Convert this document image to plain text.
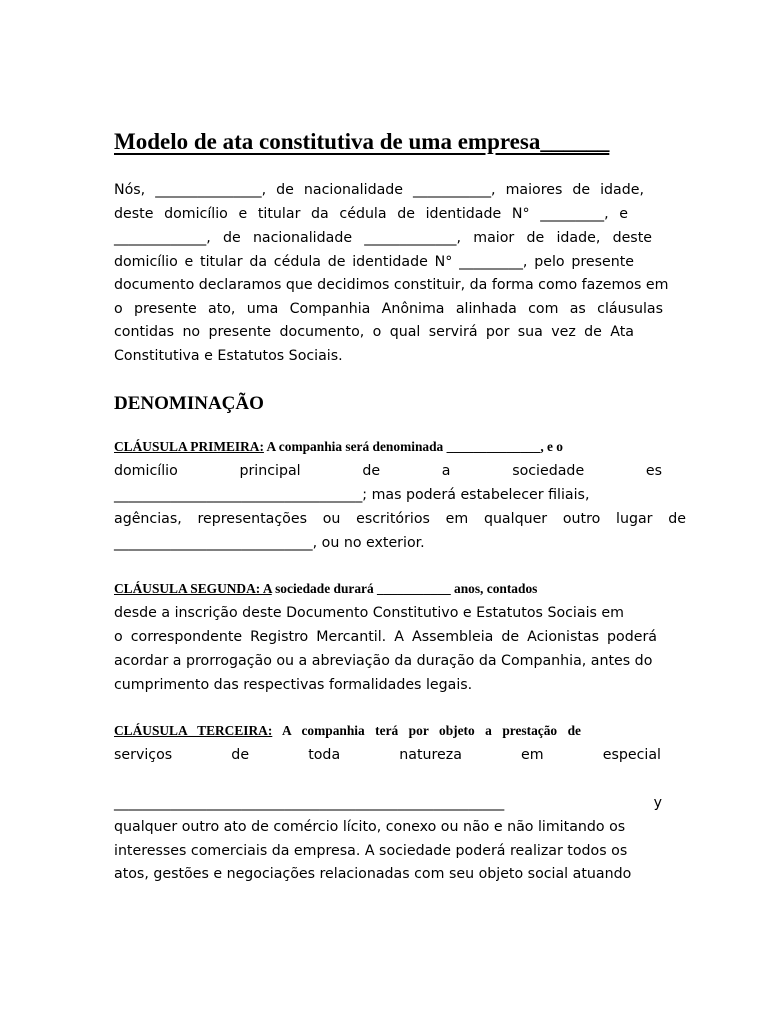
Modelo de ata constitutiva de uma empresa______
Nós, _______________, de nacionalidade ___________, maiores de idade,
deste domicílio e titular da cédula de identidade N° _________, e
_____________, de nacionalidade _____________, maior de idade, deste
domicílio e titular da cédula de identidade N° _________, pelo presente
documento declaramos que decidimos constituir, da forma como fazemos em
o presente ato, uma Companhia Anônima alinhada com as cláusulas
contidas no presente documento, o qual servirá por sua vez de Ata
Constitutiva e Estatutos Sociais.
DENOMINAÇÃO
CLÁUSULA PRIMEIRA: A companhia será denominada ______________, e o
domicílio principal de a sociedade es
___________________________________; mas poderá estabelecer filiais,
agências, representações ou escritórios em qualquer outro lugar de
____________________________, ou no exterior.
CLÁUSULA SEGUNDA: A sociedade durará ___________ anos, contados
desde a inscrição deste Documento Constitutivo e Estatutos Sociais em
o correspondente Registro Mercantil. A Assembleia de Acionistas poderá
acordar a prorrogação ou a abreviação da duração da Companhia, antes do
cumprimento das respectivas formalidades legais.
CLÁUSULA TERCEIRA: A companhia terá por objeto a prestação de
serviços de toda natureza em especial
_______________________________________________________ y
qualquer outro ato de comércio lícito, conexo ou não e não limitando os
interesses comerciais da empresa. A sociedade poderá realizar todos os
atos, gestões e negociações relacionadas com seu objeto social atuando
